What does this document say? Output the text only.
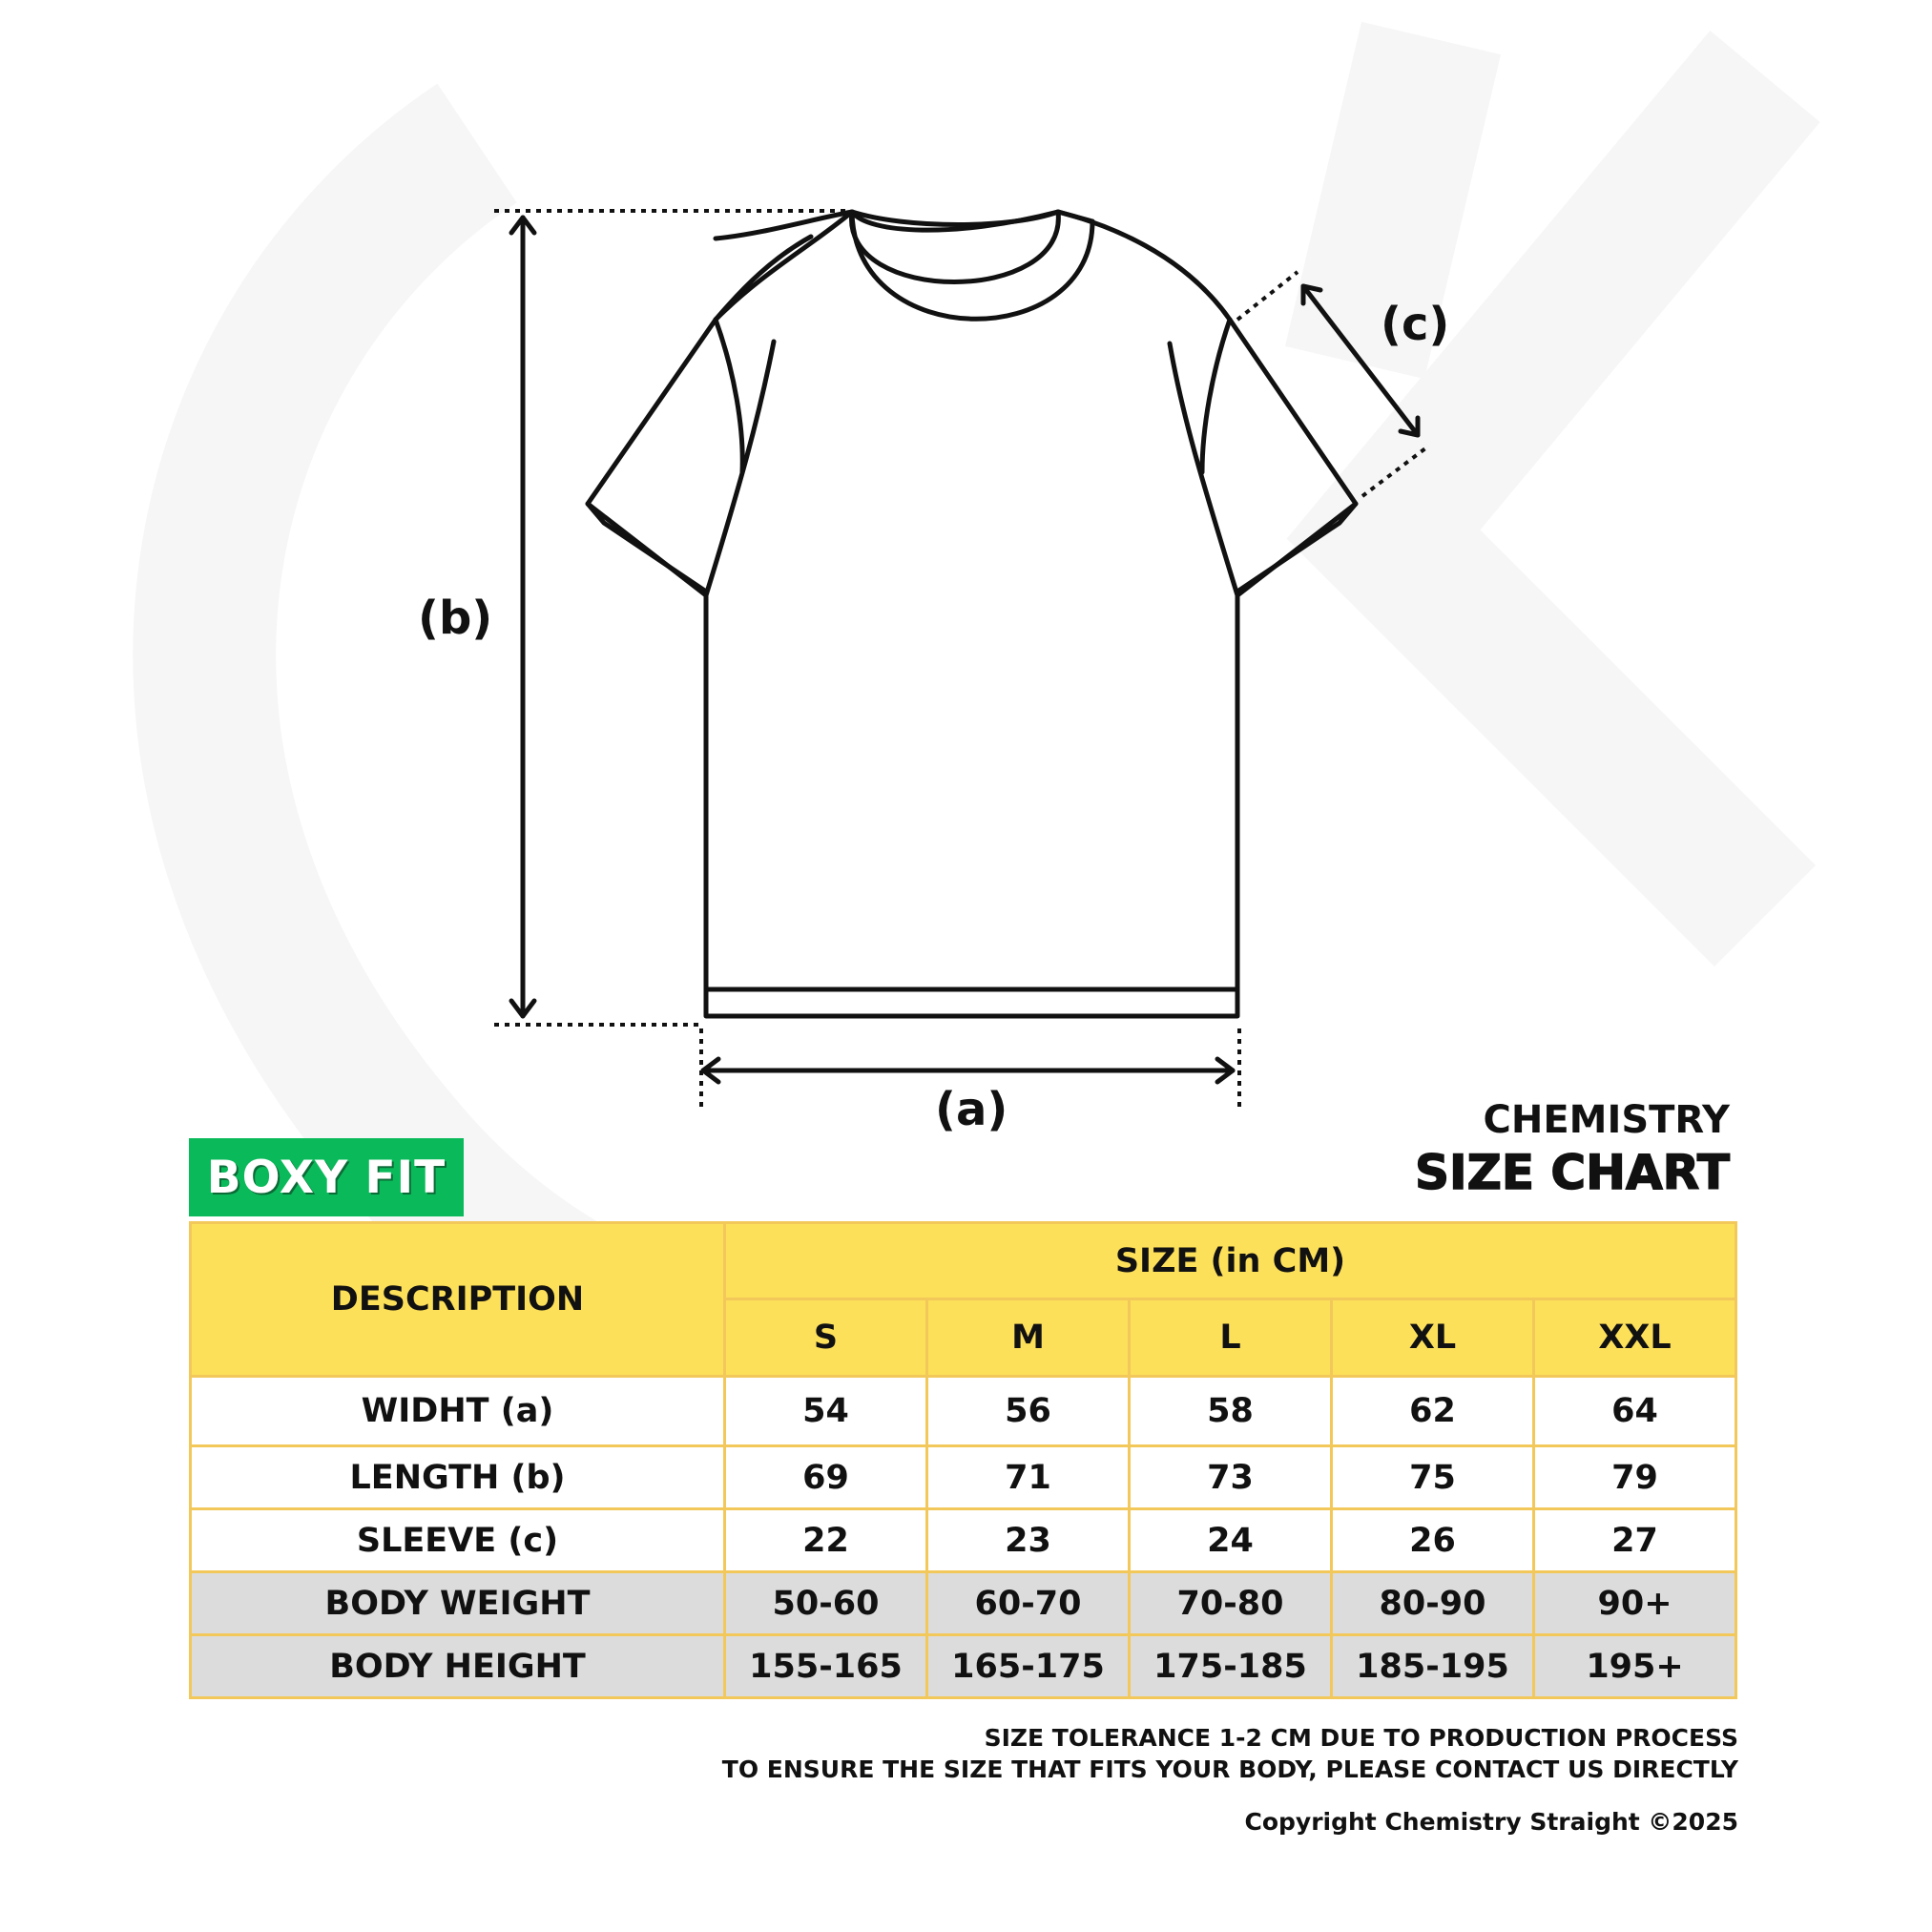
(a)
(b)
(c)
BOXY FIT
CHEMISTRY
SIZE CHART
DESCRIPTION	SIZE (in CM)				
	S	M	L	XL	XXL
WIDHT (a)	54	56	58	62	64
LENGTH (b)	69	71	73	75	79
SLEEVE (c)	22	23	24	26	27
BODY WEIGHT	50-60	60-70	70-80	80-90	90+
BODY HEIGHT	155-165	165-175	175-185	185-195	195+
SIZE TOLERANCE 1-2 CM DUE TO PRODUCTION PROCESS
TO ENSURE THE SIZE THAT FITS YOUR BODY, PLEASE CONTACT US DIRECTLY
Copyright Chemistry Straight ©2025
